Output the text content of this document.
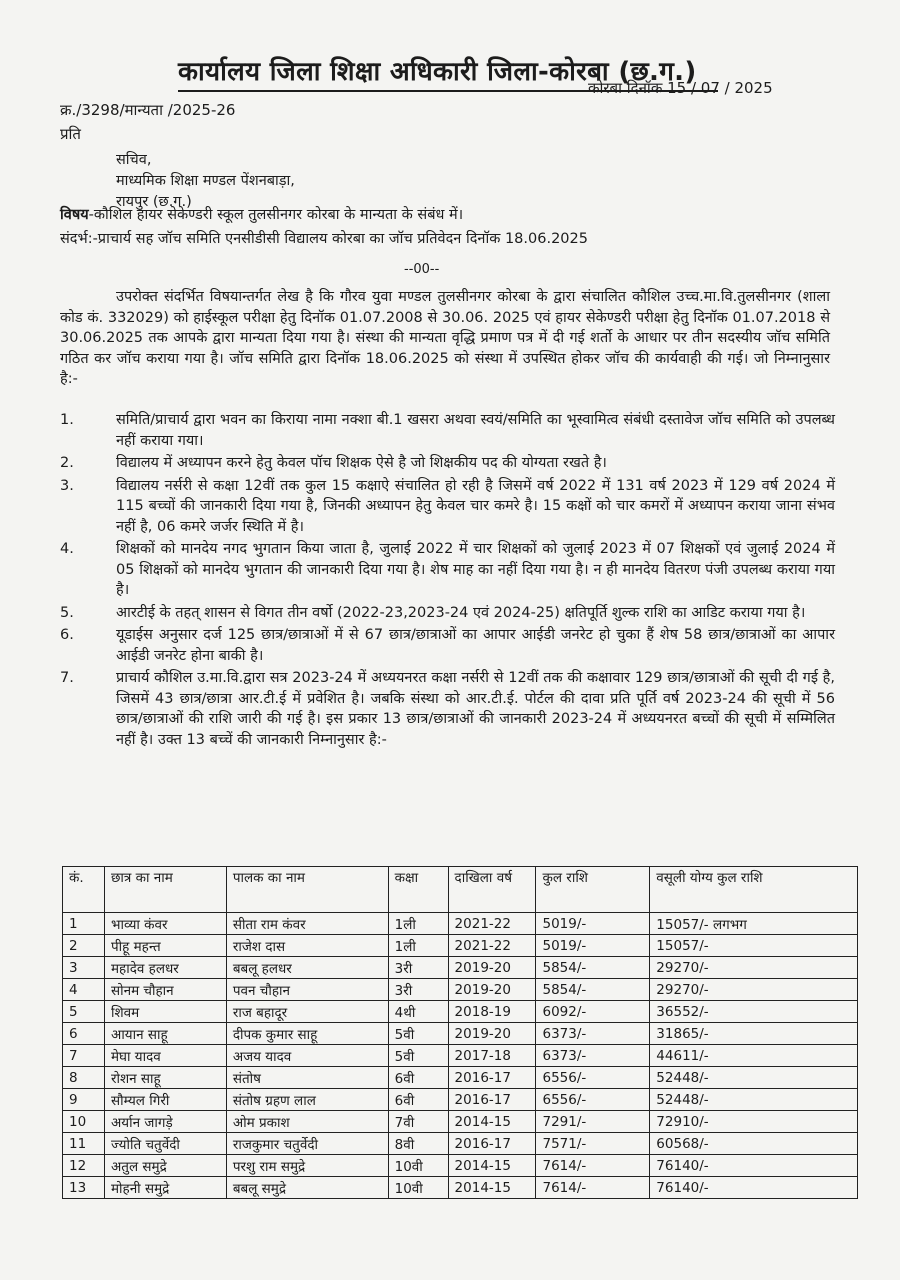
कार्यालय जिला शिक्षा अधिकारी जिला-कोरबा (छ.ग.)
कोरबा दिनॉक 15 / 07 / 2025
क्र./3298/मान्यता /2025-26
प्रति
सचिव,
माध्यमिक शिक्षा मण्डल पेंशनबाड़ा,
रायपुर (छ.ग.)
विषय-कौशिल हायर सेकेण्डरी स्कूल तुलसीनगर कोरबा के मान्यता के संबंध में।
संदर्भ:-प्राचार्य सह जॉच समिति एनसीडीसी विद्यालय कोरबा का जॉच प्रतिवेदन दिनॉक 18.06.2025
--00--
उपरोक्त संदर्भित विषयान्तर्गत लेख है कि गौरव युवा मण्डल तुलसीनगर कोरबा के द्वारा संचालित कौशिल उच्च.मा.वि.तुलसीनगर (शाला कोड कं. 332029) को हाईस्कूल परीक्षा हेतु दिनॉक 01.07.2008 से 30.06. 2025 एवं हायर सेकेण्डरी परीक्षा हेतु दिनॉक 01.07.2018 से 30.06.2025 तक आपके द्वारा मान्यता दिया गया है। संस्था की मान्यता वृद्धि प्रमाण पत्र में दी गई शर्तो के आधार पर तीन सदस्यीय जॉच समिति गठित कर जॉच कराया गया है। जॉच समिति द्वारा दिनॉक 18.06.2025 को संस्था में उपस्थित होकर जॉच की कार्यवाही की गई। जो निम्नानुसार है:-
1.	समिति/प्राचार्य द्वारा भवन का किराया नामा नक्शा बी.1 खसरा अथवा स्वयं/समिति का भूस्वामित्व संबंधी दस्तावेज जॉच समिति को उपलब्ध नहीं कराया गया।
2.	विद्यालय में अध्यापन करने हेतु केवल पॉच शिक्षक ऐसे है जो शिक्षकीय पद की योग्यता रखते है।
3.	विद्यालय नर्सरी से कक्षा 12वीं तक कुल 15 कक्षाऐ संचालित हो रही है जिसमें वर्ष 2022 में 131 वर्ष 2023 में 129 वर्ष 2024 में 115 बच्चों की जानकारी दिया गया है, जिनकी अध्यापन हेतु केवल चार कमरे है। 15 कक्षों को चार कमरों में अध्यापन कराया जाना संभव नहीं है, 06 कमरे जर्जर स्थिति में है।
4.	शिक्षकों को मानदेय नगद भुगतान किया जाता है, जुलाई 2022 में चार शिक्षकों को जुलाई 2023 में 07 शिक्षकों एवं जुलाई 2024 में 05 शिक्षकों को मानदेय भुगतान की जानकारी दिया गया है। शेष माह का नहीं दिया गया है। न ही मानदेय वितरण पंजी उपलब्ध कराया गया है।
5.	आरटीई के तहत् शासन से विगत तीन वर्षो (2022-23,2023-24 एवं 2024-25) क्षतिपूर्ति शुल्क राशि का आडिट कराया गया है।
6.	यूडाईस अनुसार दर्ज 125 छात्र/छात्राओं में से 67 छात्र/छात्राओं का आपार आईडी जनरेट हो चुका हैं शेष 58 छात्र/छात्राओं का आपार आईडी जनरेट होना बाकी है।
7.	प्राचार्य कौशिल उ.मा.वि.द्वारा सत्र 2023-24 में अध्ययनरत कक्षा नर्सरी से 12वीं तक की कक्षावार 129 छात्र/छात्राओं की सूची दी गई है, जिसमें 43 छात्र/छात्रा आर.टी.ई में प्रवेशित है। जबकि संस्था को आर.टी.ई. पोर्टल की दावा प्रति पूर्ति वर्ष 2023-24 की सूची में 56 छात्र/छात्राओं की राशि जारी की गई है। इस प्रकार 13 छात्र/छात्राओं की जानकारी 2023-24 में अध्ययनरत बच्चों की सूची में सम्मिलित नहीं है। उक्त 13 बच्चें की जानकारी निम्नानुसार है:-
कं.	छात्र का नाम	पालक का नाम	कक्षा	दाखिला वर्ष	कुल राशि	वसूली योग्य कुल राशि
1	भाव्या कंवर	सीता राम कंवर	1ली	2021-22	5019/-	15057/- लगभग
2	पीहू महन्त	राजेश दास	1ली	2021-22	5019/-	15057/-
3	महादेव हलधर	बबलू हलधर	3री	2019-20	5854/-	29270/-
4	सोनम चौहान	पवन चौहान	3री	2019-20	5854/-	29270/-
5	शिवम	राज बहादूर	4थी	2018-19	6092/-	36552/-
6	आयान साहू	दीपक कुमार साहू	5वी	2019-20	6373/-	31865/-
7	मेघा यादव	अजय यादव	5वी	2017-18	6373/-	44611/-
8	रोशन साहू	संतोष	6वी	2016-17	6556/-	52448/-
9	सौम्यल गिरी	संतोष ग्रहण लाल	6वी	2016-17	6556/-	52448/-
10	अर्यान जागड़े	ओम प्रकाश	7वी	2014-15	7291/-	72910/-
11	ज्योति चतुर्वेदी	राजकुमार चतुर्वेदी	8वी	2016-17	7571/-	60568/-
12	अतुल समुद्रे	परशु राम समुद्रे	10वी	2014-15	7614/-	76140/-
13	मोहनी समुद्रे	बबलू समुद्रे	10वी	2014-15	7614/-	76140/-
